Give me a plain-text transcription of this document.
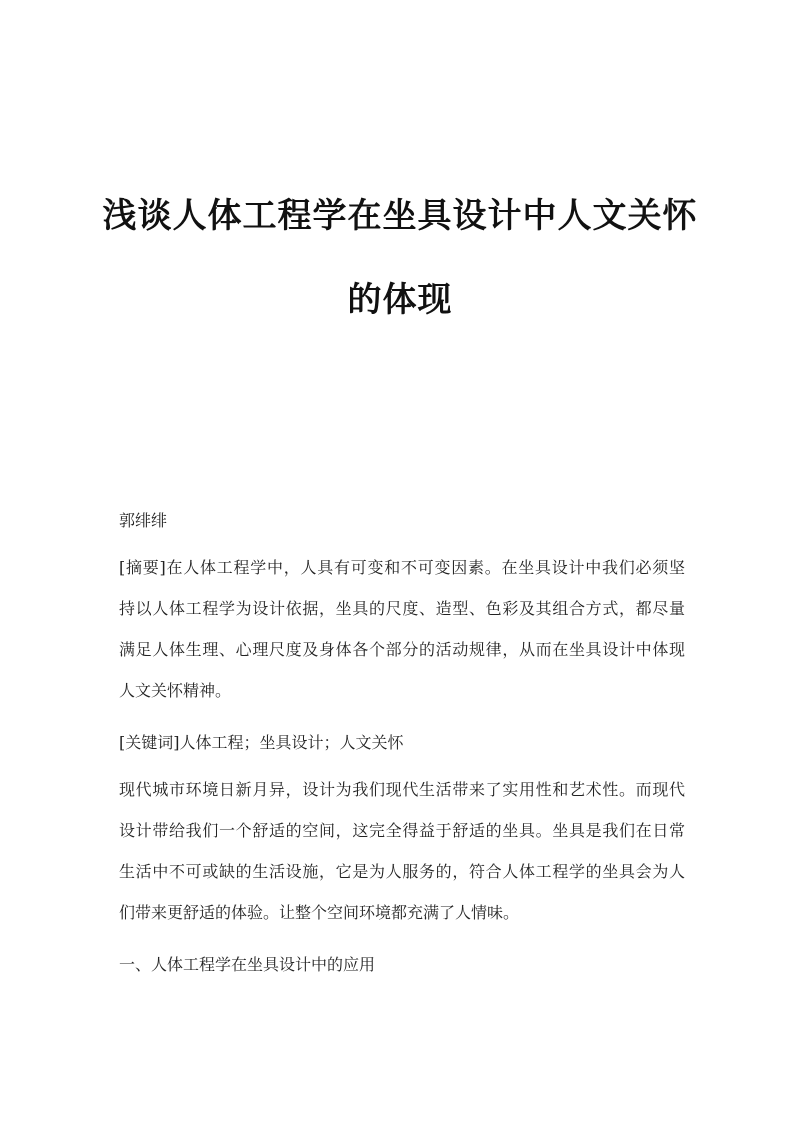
浅谈人体工程学在坐具设计中人文关怀
的体现
郭绯绯
[摘要]在人体工程学中，人具有可变和不可变因素。在坐具设计中我们必须坚
持以人体工程学为设计依据，坐具的尺度、造型、色彩及其组合方式，都尽量
满足人体生理、心理尺度及身体各个部分的活动规律，从而在坐具设计中体现
人文关怀精神。
[关键词]人体工程；坐具设计；人文关怀
现代城市环境日新月异，设计为我们现代生活带来了实用性和艺术性。而现代
设计带给我们一个舒适的空间，这完全得益于舒适的坐具。坐具是我们在日常
生活中不可或缺的生活设施，它是为人服务的，符合人体工程学的坐具会为人
们带来更舒适的体验。让整个空间环境都充满了人情味。
一、人体工程学在坐具设计中的应用
